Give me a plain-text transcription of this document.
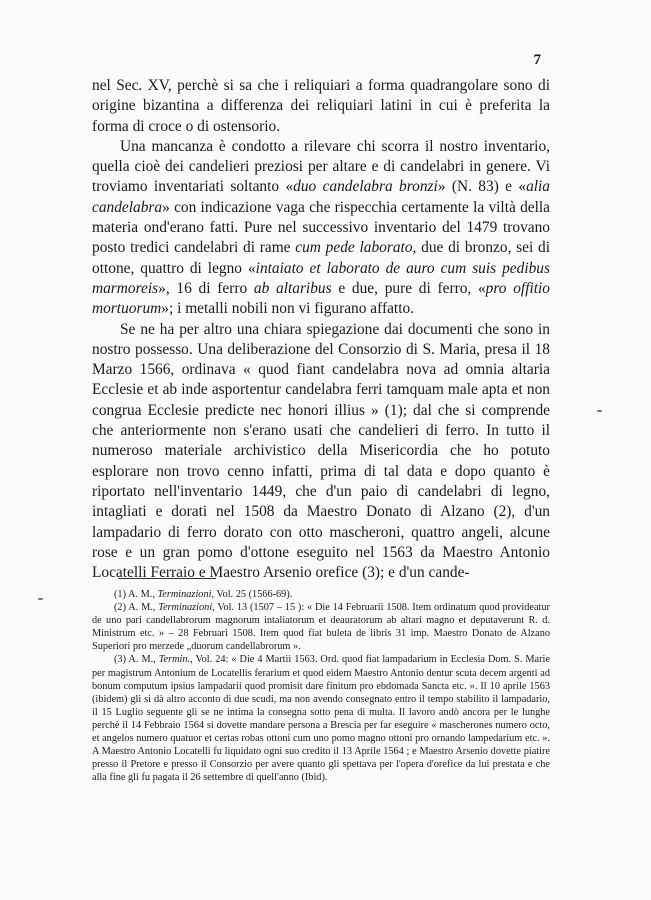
7

nel Sec. XV, perchè si sa che i reliquiari a forma quadrangolare sono di origine bizantina a differenza dei reliquiari latini in cui è preferita la forma di croce o di ostensorio.

Una mancanza è condotto a rilevare chi scorra il nostro inventario, quella cioè dei candelieri preziosi per altare e di candelabri in genere. Vi troviamo inventariati soltanto «duo candelabra bronzi» (N. 83) e «alia candelabra» con indicazione vaga che rispecchia certamente la viltà della materia ond'erano fatti. Pure nel successivo inventario del 1479 trovano posto tredici candelabri di rame cum pede laborato, due di bronzo, sei di ottone, quattro di legno «intaiato et laborato de auro cum suis pedibus marmoreis», 16 di ferro ab altaribus e due, pure di ferro, «pro offitio mortuorum»; i metalli nobili non vi figurano affatto.

Se ne ha per altro una chiara spiegazione dai documenti che sono in nostro possesso. Una deliberazione del Consorzio di S. Maria, presa il 18 Marzo 1566, ordinava « quod fiant candelabra nova ad omnia altaria Ecclesie et ab inde asportentur candelabra ferri tamquam male apta et non congrua Ecclesie predicte nec honori illius » (1); dal che si comprende che anteriormente non s'erano usati che candelieri di ferro. In tutto il numeroso materiale archivistico della Misericordia che ho potuto esplorare non trovo cenno infatti, prima di tal data e dopo quanto è riportato nell'inventario 1449, che d'un paio di candelabri di legno, intagliati e dorati nel 1508 da Maestro Donato di Alzano (2), d'un lampadario di ferro dorato con otto mascheroni, quattro angeli, alcune rose e un gran pomo d'ottone eseguito nel 1563 da Maestro Antonio Locatelli Ferraio e Maestro Arsenio orefice (3); e d'un cande-

(1) A. M., Terminazioni, Vol. 25 (1566-69).

(2) A. M., Terminazioni, Vol. 13 (1507 – 15 ): « Die 14 Februarii 1508. Item ordinatum quod provideatur de uno pari candellabrorum magnorum intaliatorum et deauratorum ab altari magno et deputaverunt R. d. Ministrum etc. » – 28 Februari 1508. Item quod fiat buleta de libris 31 imp. Maestro Donato de Alzano Superiori pro merzede „duorum candellabrorum ».

(3) A. M., Termin., Vol. 24: « Die 4 Martii 1563. Ord. quod fiat lampadarium in Ecclesia Dom. S. Marie per magistrum Antonium de Locatellis ferarium et quod eidem Maestro Antonio dentur scuta decem argenti ad bonum computum ipsius lampadarii quod promisit dare finitum pro ebdomada Sancta etc. ». Il 10 aprile 1563 (ibidem) gli si dà altro acconto di due scudi, ma non avendo consegnato entro il tempo stabilito il lampadario, il 15 Luglio seguente gli se ne intima la consegna sotto pena di multa. Il lavoro andò ancora per le lunghe perchè il 14 Febbraio 1564 si dovette mandare persona a Brescia per far eseguire « mascherones numero octo, et angelos numero quatuor et certas robas ottoni cum uno pomo magno ottoni pro ornando lampedarium etc. ». A Maestro Antonio Locatelli fu liquidato ogni suo credito il 13 Aprile 1564 ; e Maestro Arsenio dovette piatire presso il Pretore e presso il Consorzio per avere quanto gli spettava per l'opera d'orefice da lui prestata e che alla fine gli fu pagata il 26 settembre di quell'anno (Ibid).
